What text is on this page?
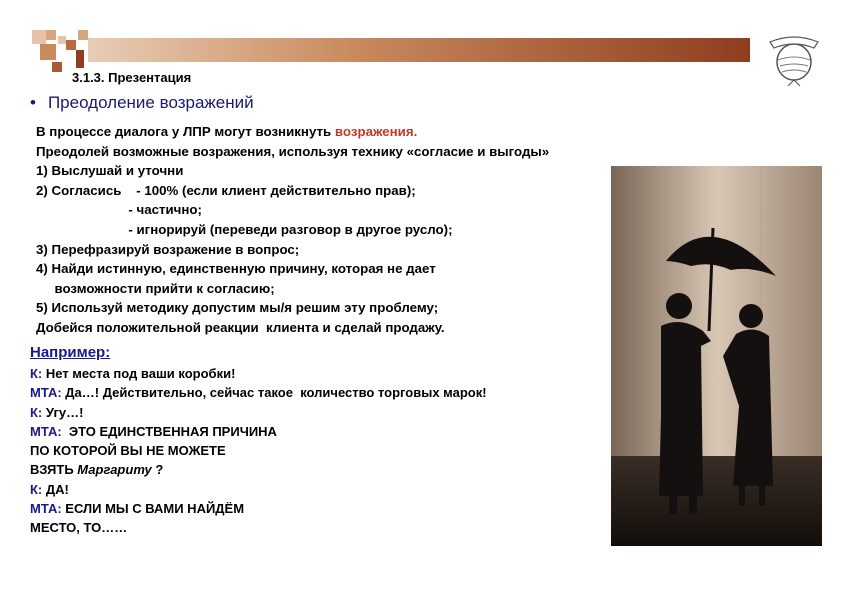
3.1.3. Презентация
• Преодоление возражений
В процессе диалога у ЛПР могут возникнуть возражения.
Преодолей возможные возражения, используя технику «согласие и выгоды»
1) Выслушай и уточни
2) Согласись    - 100% (если клиент действительно прав);
- частично;
- игнорируй (переведи разговор в другое русло);
3) Перефразируй возражение в вопрос;
4) Найди истинную, единственную причину, которая не дает
возможности прийти к согласию;
5) Используй методику допустим мы/я решим эту проблему;
Добейся положительной реакции  клиента и сделай продажу.
Например:
К: Нет места под ваши коробки!
МТА: Да…! Действительно, сейчас такое  количество торговых марок!
К: Угу…!
МТА:  ЭТО ЕДИНСТВЕННАЯ ПРИЧИНА
ПО КОТОРОЙ ВЫ НЕ МОЖЕТЕ
ВЗЯТЬ Маргариту ?
К: ДА!
МТА: ЕСЛИ МЫ С ВАМИ НАЙДЁМ
МЕСТО, ТО……
